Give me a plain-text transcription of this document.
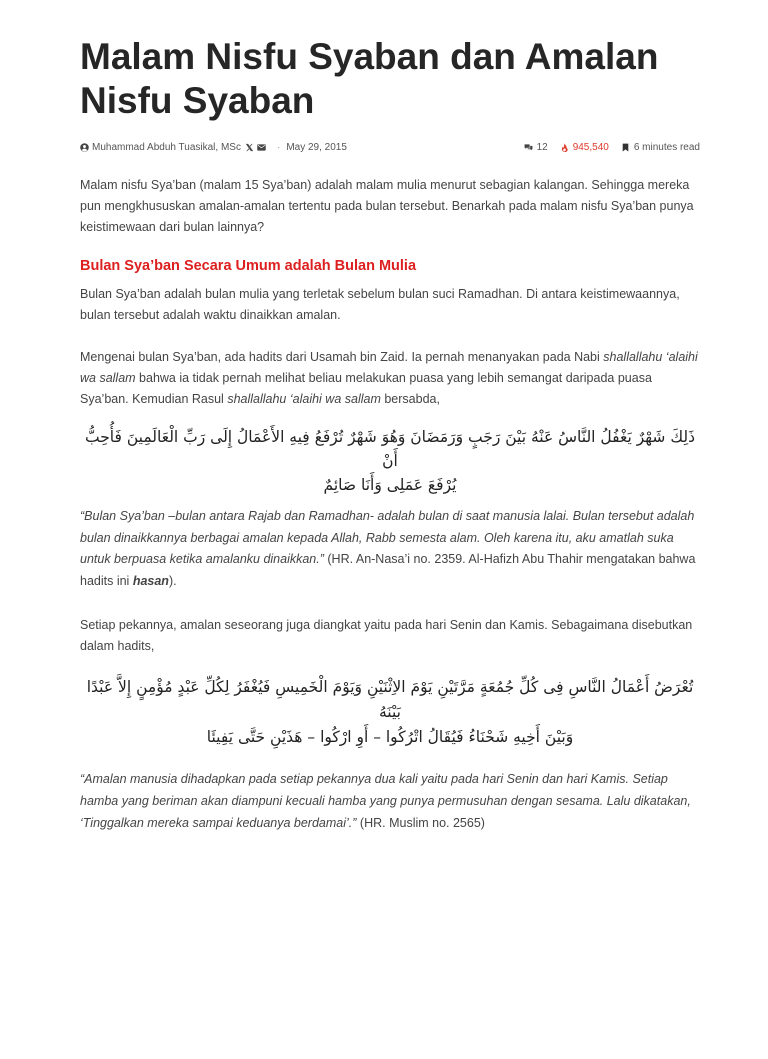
Malam Nisfu Syaban dan Amalan Nisfu Syaban
Muhammad Abduh Tuasikal, MSc	· May 29, 2015	12	945,540	6 minutes read

Malam nisfu Sya’ban (malam 15 Sya’ban) adalah malam mulia menurut sebagian kalangan. Sehingga mereka pun mengkhususkan amalan-amalan tertentu pada bulan tersebut. Benarkah pada malam nisfu Sya’ban punya keistimewaan dari bulan lainnya?

Bulan Sya’ban Secara Umum adalah Bulan Mulia

Bulan Sya’ban adalah bulan mulia yang terletak sebelum bulan suci Ramadhan. Di antara keistimewaannya, bulan tersebut adalah waktu dinaikkan amalan.

Mengenai bulan Sya’ban, ada hadits dari Usamah bin Zaid. Ia pernah menanyakan pada Nabi shallallahu ‘alaihi wa sallam bahwa ia tidak pernah melihat beliau melakukan puasa yang lebih semangat daripada puasa Sya’ban. Kemudian Rasul shallallahu ‘alaihi wa sallam bersabda,

ذَلِكَ شَهْرٌ يَغْفُلُ النَّاسُ عَنْهُ بَيْنَ رَجَبٍ وَرَمَضَانَ وَهُوَ شَهْرٌ تُرْفَعُ فِيهِ الأَعْمَالُ إِلَى رَبِّ الْعَالَمِينَ فَأُحِبُّ أَنْ
يُرْفَعَ عَمَلِى وَأَنَا صَائِمٌ

“Bulan Sya’ban –bulan antara Rajab dan Ramadhan- adalah bulan di saat manusia lalai. Bulan tersebut adalah bulan dinaikkannya berbagai amalan kepada Allah, Rabb semesta alam. Oleh karena itu, aku amatlah suka untuk berpuasa ketika amalanku dinaikkan.” (HR. An-Nasa’i no. 2359. Al-Hafizh Abu Thahir mengatakan bahwa hadits ini hasan).

Setiap pekannya, amalan seseorang juga diangkat yaitu pada hari Senin dan Kamis. Sebagaimana disebutkan dalam hadits,

تُعْرَضُ أَعْمَالُ النَّاسِ فِى كُلِّ جُمُعَةٍ مَرَّتَيْنِ يَوْمَ الاِثْنَيْنِ وَيَوْمَ الْخَمِيسِ فَيُغْفَرُ لِكُلِّ عَبْدٍ مُؤْمِنٍ إِلاَّ عَبْدًا بَيْنَهُ
وَبَيْنَ أَخِيهِ شَحْنَاءُ فَيُقَالُ اتْرُكُوا – أَوِ ارْكُوا – هَذَيْنِ حَتَّى يَفِيئَا

“Amalan manusia dihadapkan pada setiap pekannya dua kali yaitu pada hari Senin dan hari Kamis. Setiap hamba yang beriman akan diampuni kecuali hamba yang punya permusuhan dengan sesama. Lalu dikatakan, ‘Tinggalkan mereka sampai keduanya berdamai’.” (HR. Muslim no. 2565)
